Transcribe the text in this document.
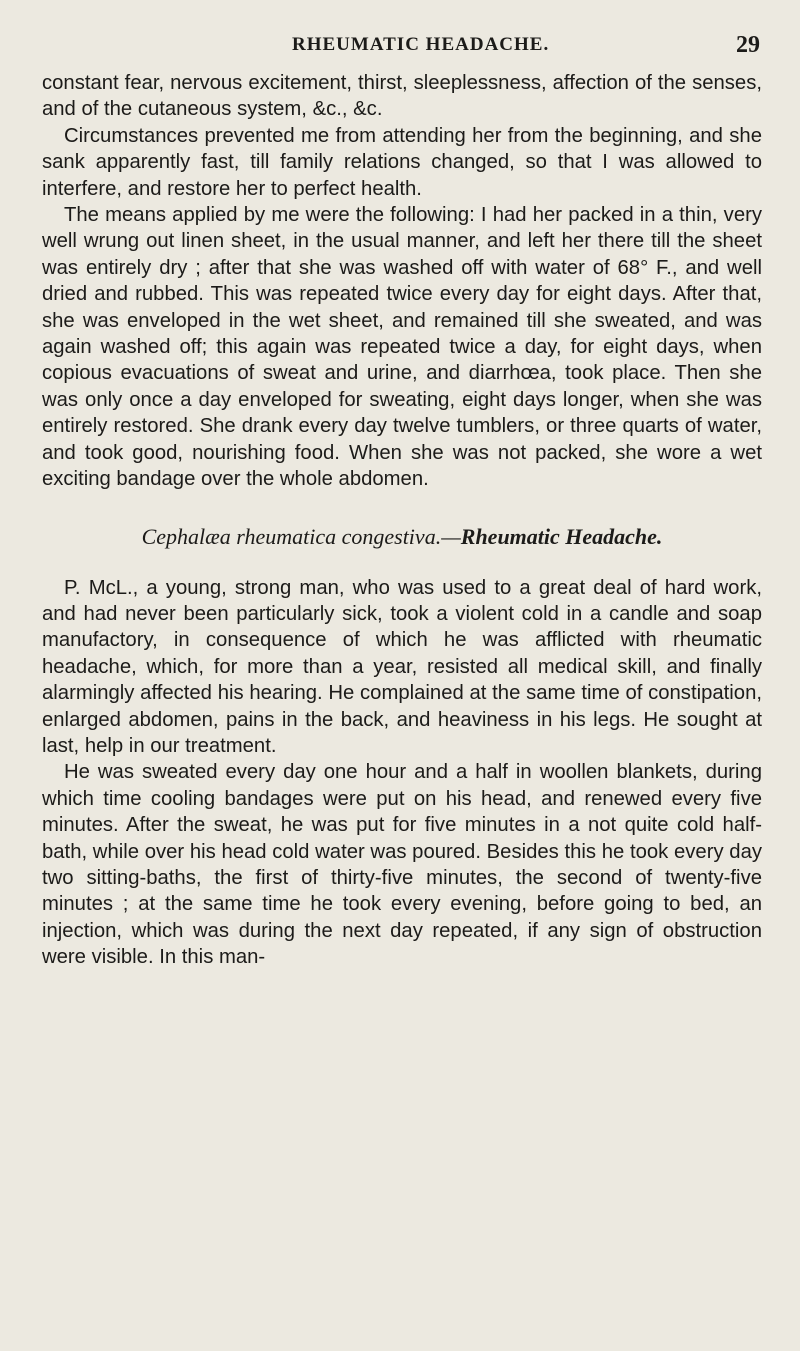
RHEUMATIC HEADACHE.	29

constant fear, nervous excitement, thirst, sleeplessness, affection of the senses, and of the cutaneous system, &c., &c.

Circumstances prevented me from attending her from the beginning, and she sank apparently fast, till family relations changed, so that I was allowed to interfere, and restore her to perfect health.

The means applied by me were the following: I had her packed in a thin, very well wrung out linen sheet, in the usual manner, and left her there till the sheet was entirely dry ; after that she was washed off with water of 68° F., and well dried and rubbed. This was repeated twice every day for eight days. After that, she was enveloped in the wet sheet, and remained till she sweated, and was again washed off; this again was repeated twice a day, for eight days, when copious evacuations of sweat and urine, and diarrhœa, took place. Then she was only once a day enveloped for sweating, eight days longer, when she was entirely restored. She drank every day twelve tumblers, or three quarts of water, and took good, nourishing food. When she was not packed, she wore a wet exciting bandage over the whole abdomen.

Cephalæa rheumatica congestiva.—Rheumatic Headache.

P. McL., a young, strong man, who was used to a great deal of hard work, and had never been particularly sick, took a violent cold in a candle and soap manufactory, in consequence of which he was afflicted with rheumatic headache, which, for more than a year, resisted all medical skill, and finally alarmingly affected his hearing. He complained at the same time of constipation, enlarged abdomen, pains in the back, and heaviness in his legs. He sought at last, help in our treatment.

He was sweated every day one hour and a half in woollen blankets, during which time cooling bandages were put on his head, and renewed every five minutes. After the sweat, he was put for five minutes in a not quite cold half-bath, while over his head cold water was poured. Besides this he took every day two sitting-baths, the first of thirty-five minutes, the second of twenty-five minutes ; at the same time he took every evening, before going to bed, an injection, which was during the next day repeated, if any sign of obstruction were visible. In this man-
